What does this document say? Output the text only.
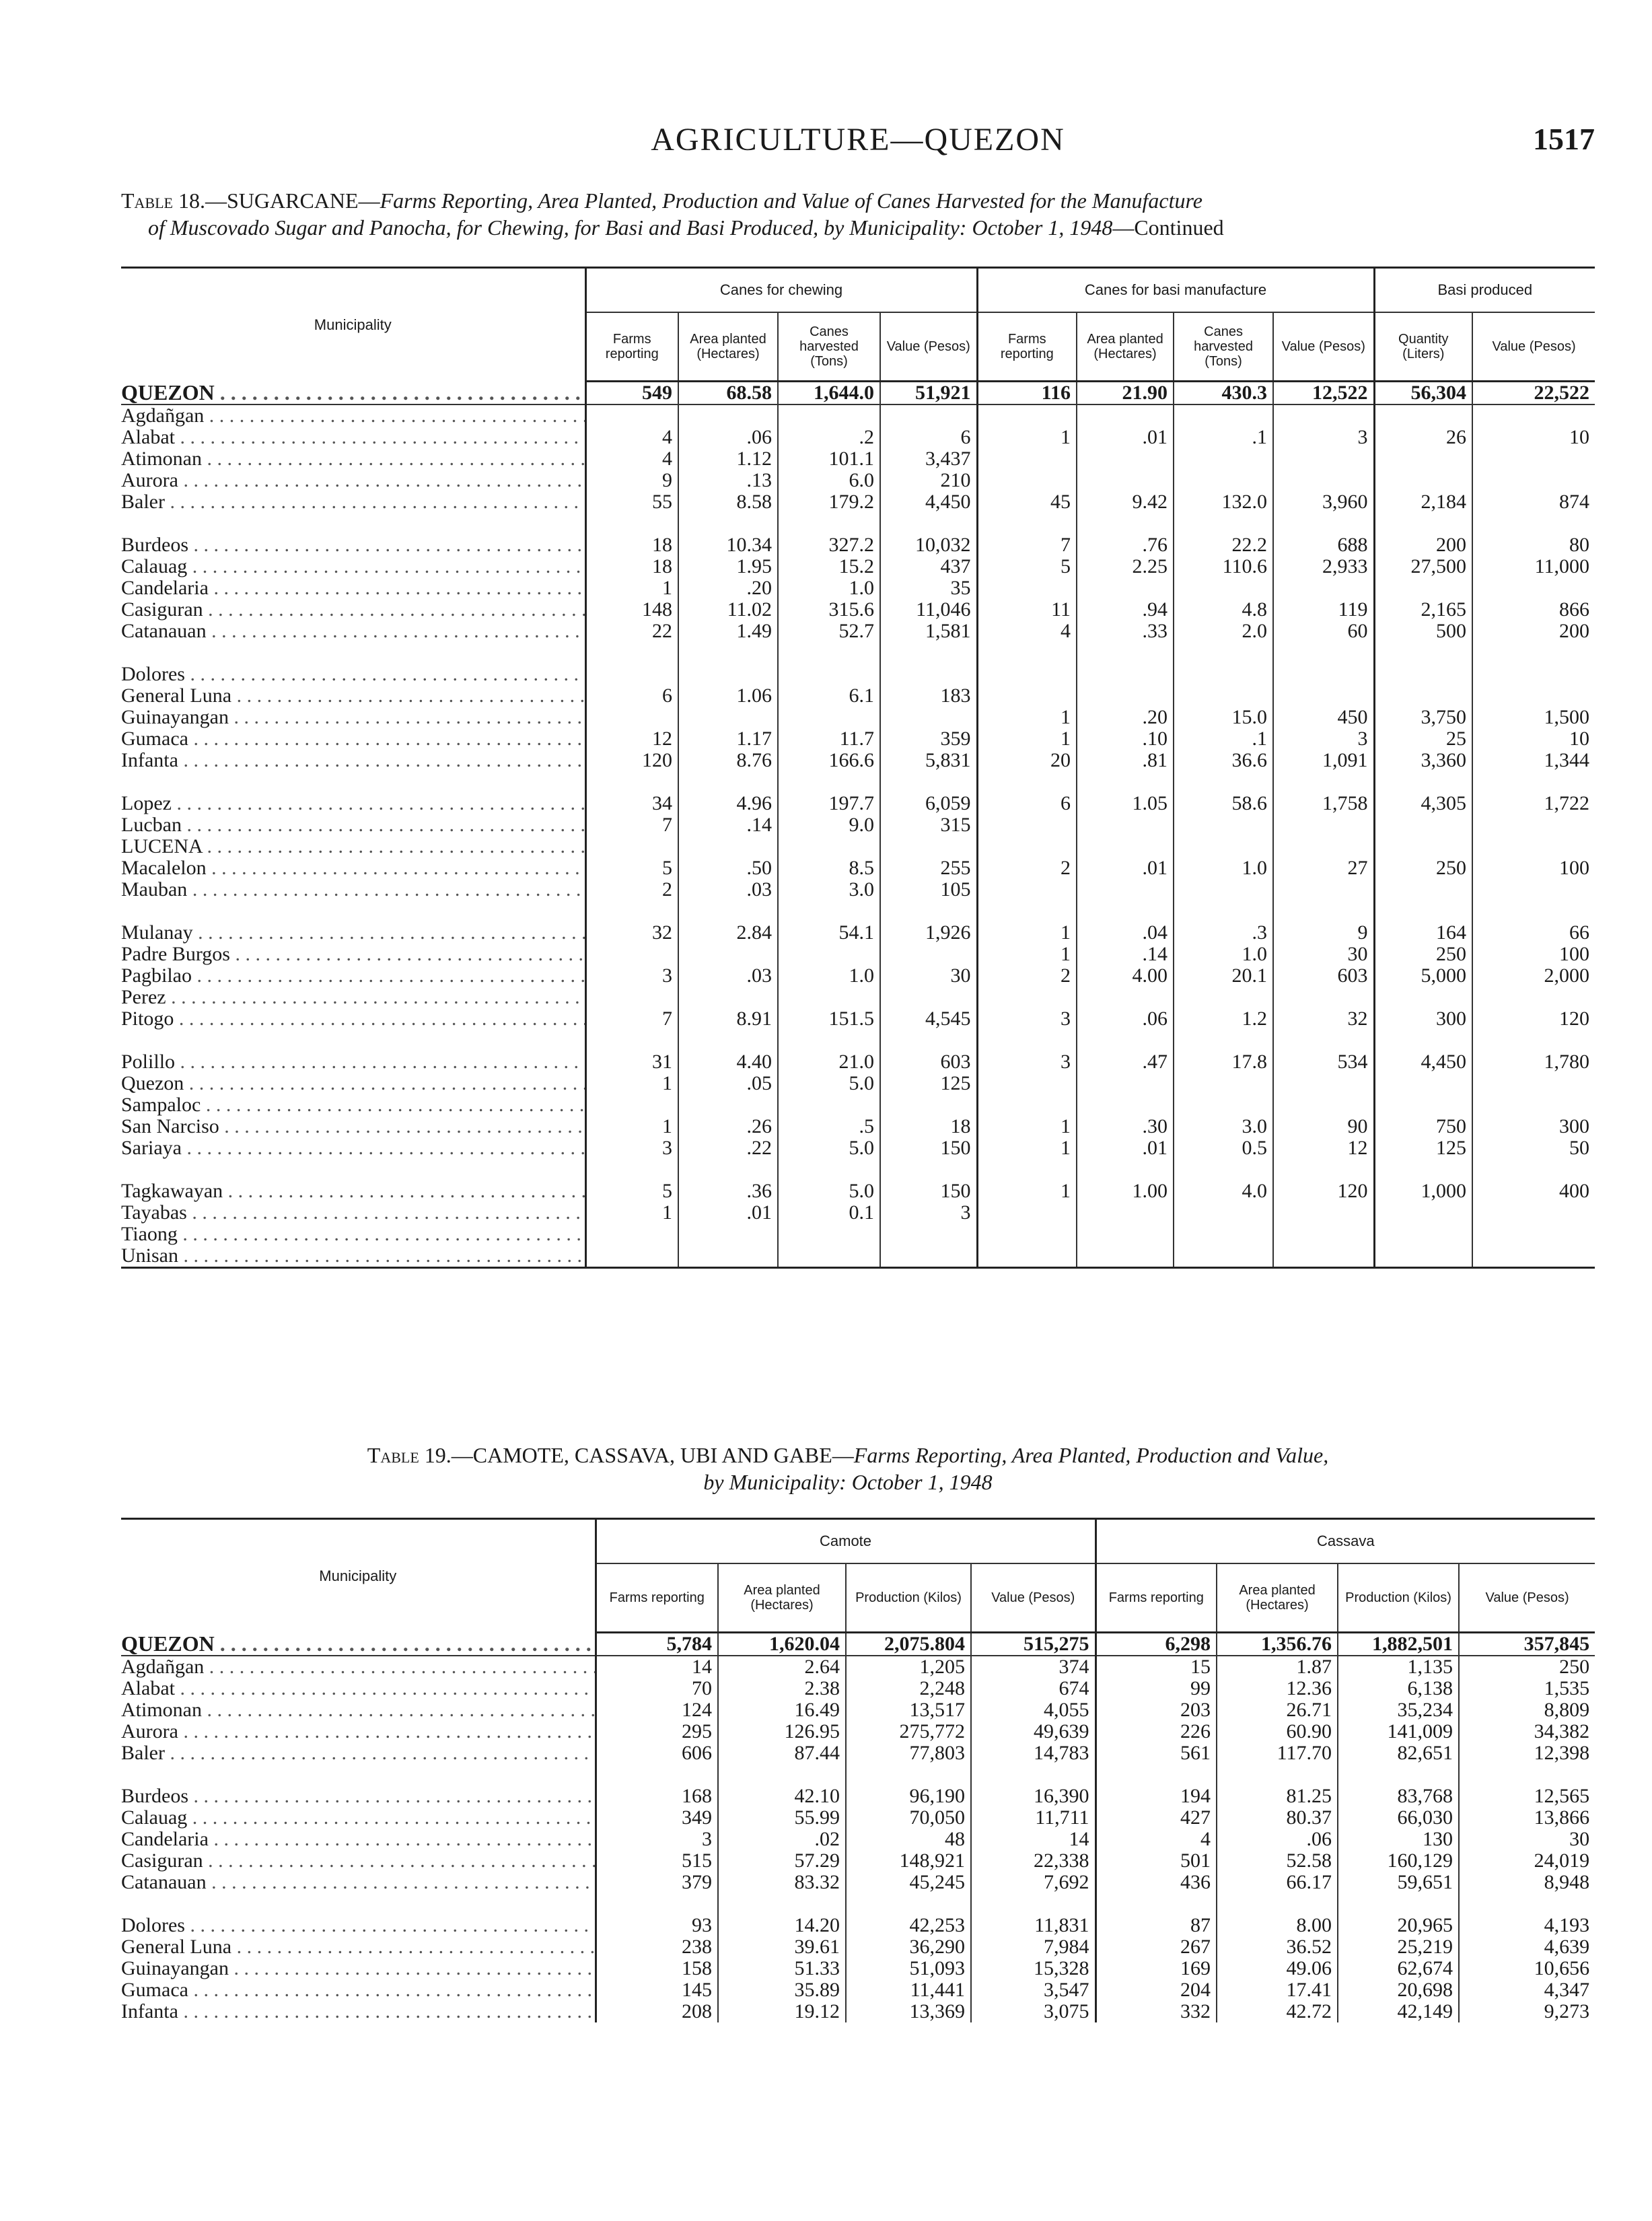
AGRICULTURE—QUEZON	1517
Table 18.—SUGARCANE—Farms Reporting, Area Planted, Production and Value of Canes Harvested for the Manufacture
of Muscovado Sugar and Panocha, for Chewing, for Basi and Basi Produced, by Municipality: October 1, 1948—Continued
Municipality	Canes for chewing				Canes for basi manufacture				Basi produced	
	Farms reporting	Area planted (Hectares)	Canes harvested (Tons)	Value (Pesos)	Farms reporting	Area planted (Hectares)	Canes harvested (Tons)	Value (Pesos)	Quantity (Liters)	Value (Pesos)
QUEZON . . .	549	68.58	1,644.0	51,921	116	21.90	430.3	12,522	56,304	22,522
Agdañgan . . .										
Alabat . . .	4	.06	.2	6	1	.01	.1	3	26	10
Atimonan . . .	4	1.12	101.1	3,437						
Aurora . . .	9	.13	6.0	210						
Baler . . .	55	8.58	179.2	4,450	45	9.42	132.0	3,960	2,184	874

Burdeos . . .	18	10.34	327.2	10,032	7	.76	22.2	688	200	80
Calauag . . .	18	1.95	15.2	437	5	2.25	110.6	2,933	27,500	11,000
Candelaria . . .	1	.20	1.0	35						
Casiguran . . .	148	11.02	315.6	11,046	11	.94	4.8	119	2,165	866
Catanauan . . .	22	1.49	52.7	1,581	4	.33	2.0	60	500	200

Dolores . . .										
General Luna . . .	6	1.06	6.1	183						
Guinayangan . . .					1	.20	15.0	450	3,750	1,500
Gumaca . . .	12	1.17	11.7	359	1	.10	.1	3	25	10
Infanta . . .	120	8.76	166.6	5,831	20	.81	36.6	1,091	3,360	1,344

Lopez . . .	34	4.96	197.7	6,059	6	1.05	58.6	1,758	4,305	1,722
Lucban . . .	7	.14	9.0	315						
LUCENA . . .										
Macalelon . . .	5	.50	8.5	255	2	.01	1.0	27	250	100
Mauban . . .	2	.03	3.0	105						

Mulanay . . .	32	2.84	54.1	1,926	1	.04	.3	9	164	66
Padre Burgos . . .					1	.14	1.0	30	250	100
Pagbilao . . .	3	.03	1.0	30	2	4.00	20.1	603	5,000	2,000
Perez . . .										
Pitogo . . .	7	8.91	151.5	4,545	3	.06	1.2	32	300	120

Polillo . . .	31	4.40	21.0	603	3	.47	17.8	534	4,450	1,780
Quezon . . .	1	.05	5.0	125						
Sampaloc . . .										
San Narciso . . .	1	.26	.5	18	1	.30	3.0	90	750	300
Sariaya . . .	3	.22	5.0	150	1	.01	0.5	12	125	50

Tagkawayan . . .	5	.36	5.0	150	1	1.00	4.0	120	1,000	400
Tayabas . . .	1	.01	0.1	3						
Tiaong . . .										
Unisan . . .										
Table 19.—CAMOTE, CASSAVA, UBI AND GABE—Farms Reporting, Area Planted, Production and Value,
by Municipality: October 1, 1948
Municipality	Camote				Cassava			
	Farms reporting	Area planted (Hectares)	Production (Kilos)	Value (Pesos)	Farms reporting	Area planted (Hectares)	Production (Kilos)	Value (Pesos)
QUEZON . . .	5,784	1,620.04	2,075.804	515,275	6,298	1,356.76	1,882,501	357,845
Agdañgan . . .	14	2.64	1,205	374	15	1.87	1,135	250
Alabat . . .	70	2.38	2,248	674	99	12.36	6,138	1,535
Atimonan . . .	124	16.49	13,517	4,055	203	26.71	35,234	8,809
Aurora . . .	295	126.95	275,772	49,639	226	60.90	141,009	34,382
Baler . . .	606	87.44	77,803	14,783	561	117.70	82,651	12,398

Burdeos . . .	168	42.10	96,190	16,390	194	81.25	83,768	12,565
Calauag . . .	349	55.99	70,050	11,711	427	80.37	66,030	13,866
Candelaria . . .	3	.02	48	14	4	.06	130	30
Casiguran . . .	515	57.29	148,921	22,338	501	52.58	160,129	24,019
Catanauan . . .	379	83.32	45,245	7,692	436	66.17	59,651	8,948

Dolores . . .	93	14.20	42,253	11,831	87	8.00	20,965	4,193
General Luna . . .	238	39.61	36,290	7,984	267	36.52	25,219	4,639
Guinayangan . . .	158	51.33	51,093	15,328	169	49.06	62,674	10,656
Gumaca . . .	145	35.89	11,441	3,547	204	17.41	20,698	4,347
Infanta . . .	208	19.12	13,369	3,075	332	42.72	42,149	9,273
